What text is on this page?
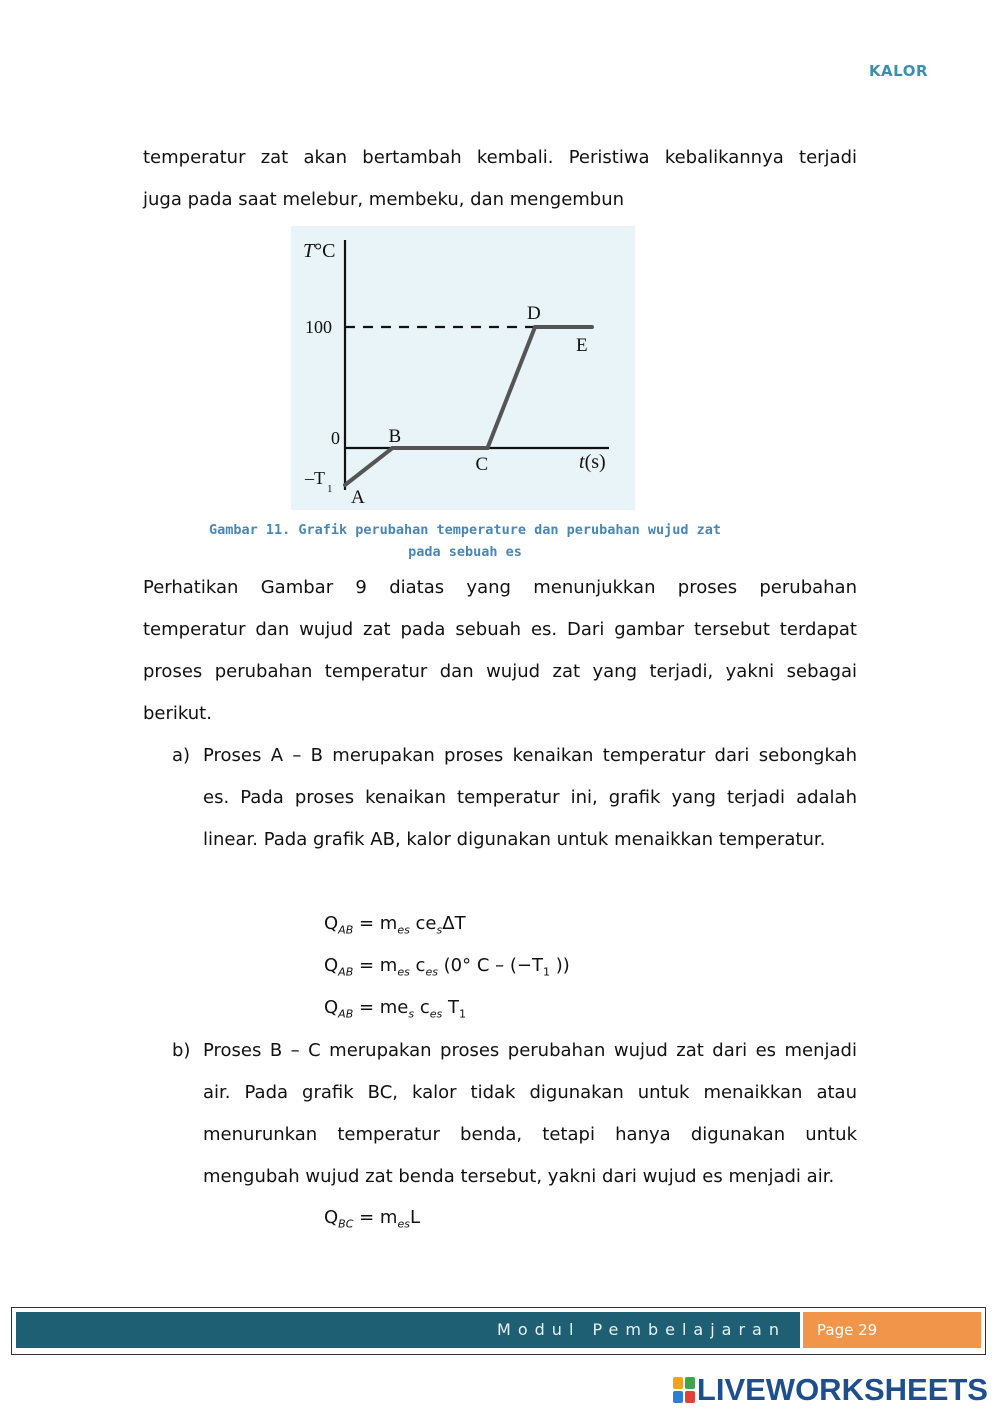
KALOR
temperatur zat akan bertambah kembali. Peristiwa kebalikannya terjadi
juga pada saat melebur, membeku, dan mengembun
A
B
C
D
E
T°C
t(s)
100
0
$-T_1$
Gambar 11. Grafik perubahan temperature dan perubahan wujud zat
pada sebuah es
Perhatikan Gambar 9 diatas yang menunjukkan proses perubahan
temperatur dan wujud zat pada sebuah es. Dari gambar tersebut terdapat
proses perubahan temperatur dan wujud zat yang terjadi, yakni sebagai
berikut.
a) Proses A – B merupakan proses kenaikan temperatur dari sebongkah
es. Pada proses kenaikan temperatur ini, grafik yang terjadi adalah
linear. Pada grafik AB, kalor digunakan untuk menaikkan temperatur.
$Q_{AB} = m_{es}$ $ce_s\Delta T$
$Q_{AB} = m_{es}$ $c_{es}$ (0° $C - (-T_1$ ))
$Q_{AB} = me_s$ $c_{es}$ $T_1$
b) Proses B – C merupakan proses perubahan wujud zat dari es menjadi
air. Pada grafik BC, kalor tidak digunakan untuk menaikkan atau
menurunkan temperatur benda, tetapi hanya digunakan untuk
mengubah wujud zat benda tersebut, yakni dari wujud es menjadi air.
$Q_{BC} = m_{es}L$
Modul Pembelajaran	Page 29
LIVEWORKSHEETS
